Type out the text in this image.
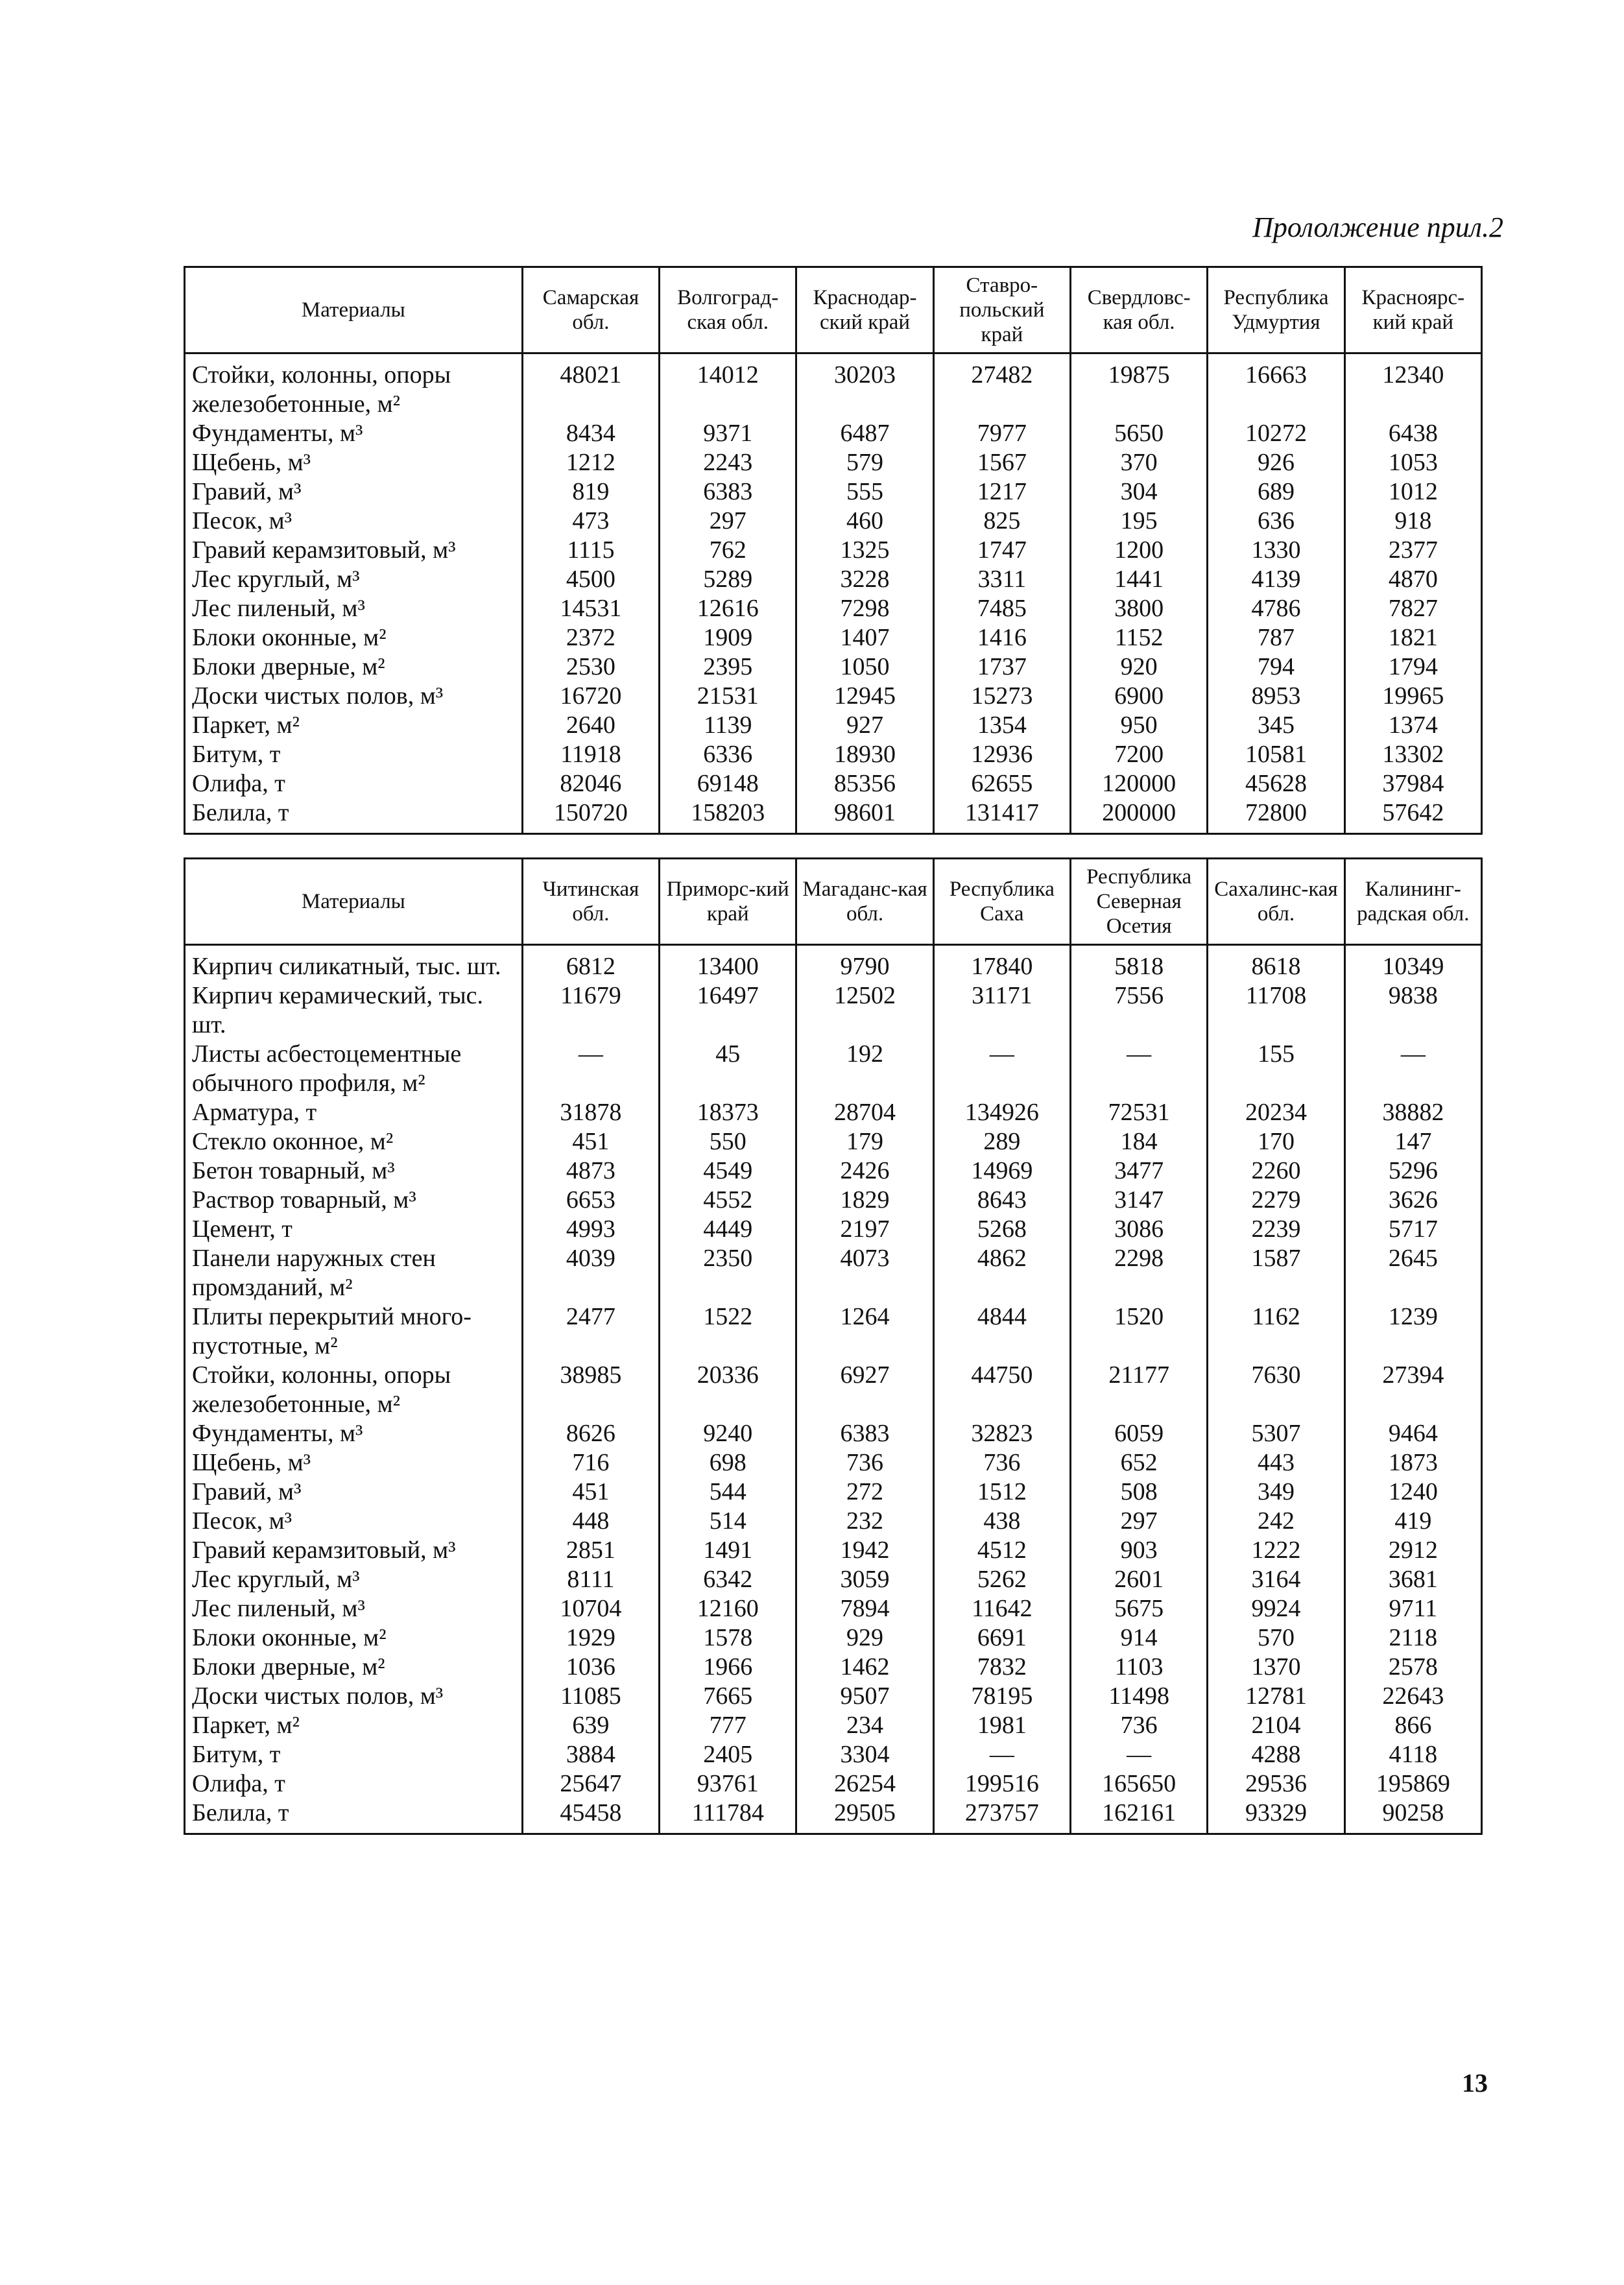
Прололжение прил.2
Материалы	Самарская обл.	Волгоград-ская обл.	Краснодар-ский край	Ставро-польский край	Свердловс-кая обл.	Республика Удмуртия	Красноярс-кий край
Стойки, колонны, опоры железобетонные, м²	48021	14012	30203	27482	19875	16663	12340
Фундаменты, м³	8434	9371	6487	7977	5650	10272	6438
Щебень, м³	1212	2243	579	1567	370	926	1053
Гравий, м³	819	6383	555	1217	304	689	1012
Песок, м³	473	297	460	825	195	636	918
Гравий керамзитовый, м³	1115	762	1325	1747	1200	1330	2377
Лес круглый, м³	4500	5289	3228	3311	1441	4139	4870
Лес пиленый, м³	14531	12616	7298	7485	3800	4786	7827
Блоки оконные, м²	2372	1909	1407	1416	1152	787	1821
Блоки дверные, м²	2530	2395	1050	1737	920	794	1794
Доски чистых полов, м³	16720	21531	12945	15273	6900	8953	19965
Паркет, м²	2640	1139	927	1354	950	345	1374
Битум, т	11918	6336	18930	12936	7200	10581	13302
Олифа, т	82046	69148	85356	62655	120000	45628	37984
Белила, т	150720	158203	98601	131417	200000	72800	57642
Материалы	Читинская обл.	Приморс-кий край	Магаданс-кая обл.	Республика Саха	Республика Северная Осетия	Сахалинс-кая обл.	Калининг-радская обл.
Кирпич силикатный, тыс. шт.	6812	13400	9790	17840	5818	8618	10349
Кирпич керамический, тыс. шт.	11679	16497	12502	31171	7556	11708	9838
Листы асбестоцементные обычного профиля, м²	—	45	192	—	—	155	—
Арматура, т	31878	18373	28704	134926	72531	20234	38882
Стекло оконное, м²	451	550	179	289	184	170	147
Бетон товарный, м³	4873	4549	2426	14969	3477	2260	5296
Раствор товарный, м³	6653	4552	1829	8643	3147	2279	3626
Цемент, т	4993	4449	2197	5268	3086	2239	5717
Панели наружных стен промзданий, м²	4039	2350	4073	4862	2298	1587	2645
Плиты перекрытий много-пустотные, м²	2477	1522	1264	4844	1520	1162	1239
Стойки, колонны, опоры железобетонные, м²	38985	20336	6927	44750	21177	7630	27394
Фундаменты, м³	8626	9240	6383	32823	6059	5307	9464
Щебень, м³	716	698	736	736	652	443	1873
Гравий, м³	451	544	272	1512	508	349	1240
Песок, м³	448	514	232	438	297	242	419
Гравий керамзитовый, м³	2851	1491	1942	4512	903	1222	2912
Лес круглый, м³	8111	6342	3059	5262	2601	3164	3681
Лес пиленый, м³	10704	12160	7894	11642	5675	9924	9711
Блоки оконные, м²	1929	1578	929	6691	914	570	2118
Блоки дверные, м²	1036	1966	1462	7832	1103	1370	2578
Доски чистых полов, м³	11085	7665	9507	78195	11498	12781	22643
Паркет, м²	639	777	234	1981	736	2104	866
Битум, т	3884	2405	3304	—	—	4288	4118
Олифа, т	25647	93761	26254	199516	165650	29536	195869
Белила, т	45458	111784	29505	273757	162161	93329	90258
13
